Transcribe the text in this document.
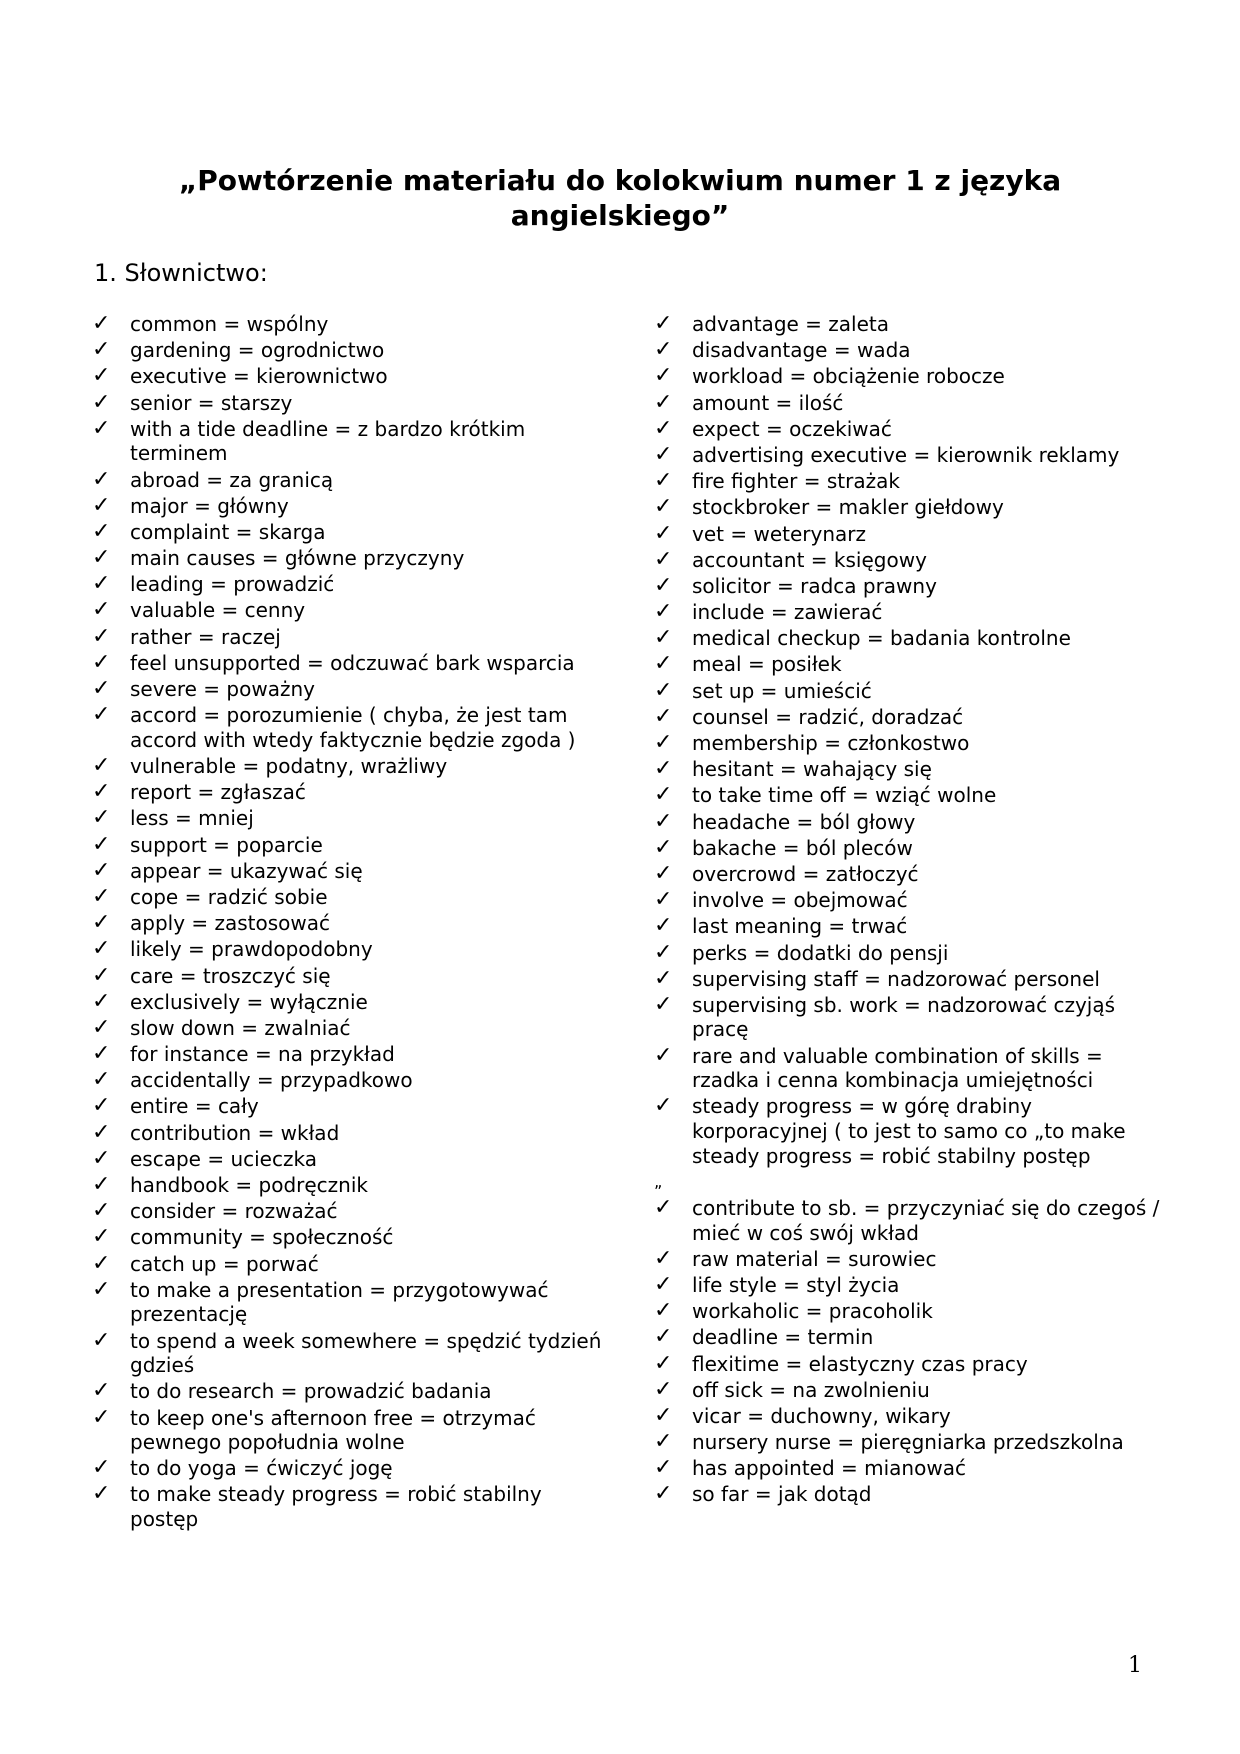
„Powtórzenie materiału do kolokwium numer 1 z języka angielskiego”
1. Słownictwo:
✓ common = wspólny
✓ gardening = ogrodnictwo
✓ executive = kierownictwo
✓ senior = starszy
✓ with a tide deadline = z bardzo krótkim terminem
✓ abroad = za granicą
✓ major = główny
✓ complaint = skarga
✓ main causes = główne przyczyny
✓ leading = prowadzić
✓ valuable = cenny
✓ rather = raczej
✓ feel unsupported = odczuwać bark wsparcia
✓ severe = poważny
✓ accord = porozumienie ( chyba, że jest tam accord with wtedy faktycznie będzie zgoda )
✓ vulnerable = podatny, wrażliwy
✓ report = zgłaszać
✓ less = mniej
✓ support = poparcie
✓ appear = ukazywać się
✓ cope = radzić sobie
✓ apply = zastosować
✓ likely = prawdopodobny
✓ care = troszczyć się
✓ exclusively = wyłącznie
✓ slow down = zwalniać
✓ for instance = na przykład
✓ accidentally = przypadkowo
✓ entire = cały
✓ contribution = wkład
✓ escape = ucieczka
✓ handbook = podręcznik
✓ consider = rozważać
✓ community = społeczność
✓ catch up = porwać
✓ to make a presentation = przygotowywać prezentację
✓ to spend a week somewhere = spędzić tydzień gdzieś
✓ to do research = prowadzić badania
✓ to keep one's afternoon free = otrzymać pewnego popołudnia wolne
✓ to do yoga = ćwiczyć jogę
✓ to make steady progress = robić stabilny postęp
✓ advantage = zaleta
✓ disadvantage = wada
✓ workload = obciążenie robocze
✓ amount = ilość
✓ expect = oczekiwać
✓ advertising executive = kierownik reklamy
✓ fire fighter = strażak
✓ stockbroker = makler giełdowy
✓ vet = weterynarz
✓ accountant = księgowy
✓ solicitor = radca prawny
✓ include = zawierać
✓ medical checkup = badania kontrolne
✓ meal = posiłek
✓ set up = umieścić
✓ counsel = radzić, doradzać
✓ membership = członkostwo
✓ hesitant = wahający się
✓ to take time off = wziąć wolne
✓ headache = ból głowy
✓ bakache = ból pleców
✓ overcrowd = zatłoczyć
✓ involve = obejmować
✓ last meaning = trwać
✓ perks = dodatki do pensji
✓ supervising staff = nadzorować personel
✓ supervising sb. work = nadzorować czyjąś pracę
✓ rare and valuable combination of skills = rzadka i cenna kombinacja umiejętności
✓ steady progress = w górę drabiny korporacyjnej ( to jest to samo co „to make steady progress = robić stabilny postęp
„
✓ contribute to sb. = przyczyniać się do czegoś / mieć w coś swój wkład
✓ raw material = surowiec
✓ life style = styl życia
✓ workaholic = pracoholik
✓ deadline = termin
✓ flexitime = elastyczny czas pracy
✓ off sick = na zwolnieniu
✓ vicar = duchowny, wikary
✓ nursery nurse = pieręgniarka przedszkolna
✓ has appointed = mianować
✓ so far = jak dotąd
1
